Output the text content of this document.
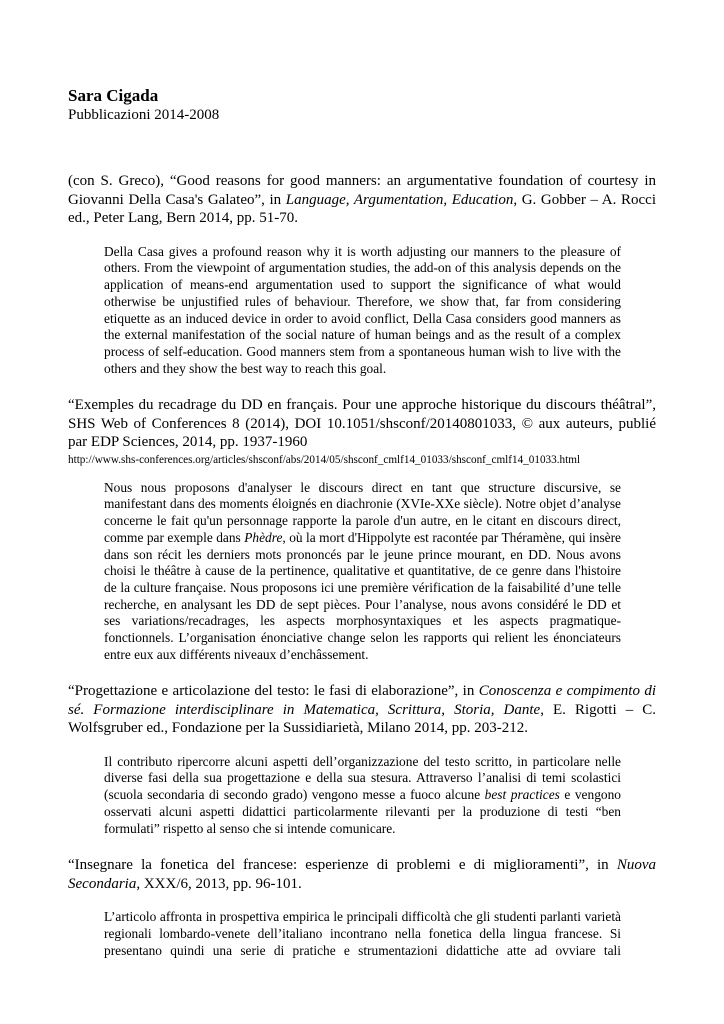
Sara Cigada
Pubblicazioni 2014-2008

(con S. Greco), “Good reasons for good manners: an argumentative foundation of courtesy in Giovanni Della Casa's Galateo”, in Language, Argumentation, Education, G. Gobber – A. Rocci ed., Peter Lang, Bern 2014, pp. 51-70.

Della Casa gives a profound reason why it is worth adjusting our manners to the pleasure of others. From the viewpoint of argumentation studies, the add-on of this analysis depends on the application of means-end argumentation used to support the significance of what would otherwise be unjustified rules of behaviour. Therefore, we show that, far from considering etiquette as an induced device in order to avoid conflict, Della Casa considers good manners as the external manifestation of the social nature of human beings and as the result of a complex process of self-education. Good manners stem from a spontaneous human wish to live with the others and they show the best way to reach this goal.

“Exemples du recadrage du DD en français. Pour une approche historique du discours théâtral”, SHS Web of Conferences 8 (2014), DOI 10.1051/shsconf/20140801033, © aux auteurs, publié par EDP Sciences, 2014, pp. 1937-1960

http://www.shs-conferences.org/articles/shsconf/abs/2014/05/shsconf_cmlf14_01033/shsconf_cmlf14_01033.html

Nous nous proposons d'analyser le discours direct en tant que structure discursive, se manifestant dans des moments éloignés en diachronie (XVIe-XXe siècle). Notre objet d’analyse concerne le fait qu'un personnage rapporte la parole d'un autre, en le citant en discours direct, comme par exemple dans Phèdre, où la mort d'Hippolyte est racontée par Théramène, qui insère dans son récit les derniers mots prononcés par le jeune prince mourant, en DD. Nous avons choisi le théâtre à cause de la pertinence, qualitative et quantitative, de ce genre dans l'histoire de la culture française. Nous proposons ici une première vérification de la faisabilité d’une telle recherche, en analysant les DD de sept pièces. Pour l’analyse, nous avons considéré le DD et ses variations/recadrages, les aspects morphosyntaxiques et les aspects pragmatique-fonctionnels. L’organisation énonciative change selon les rapports qui relient les énonciateurs entre eux aux différents niveaux d’enchâssement.

“Progettazione e articolazione del testo: le fasi di elaborazione”, in Conoscenza e compimento di sé. Formazione interdisciplinare in Matematica, Scrittura, Storia, Dante, E. Rigotti – C. Wolfsgruber ed., Fondazione per la Sussidiarietà, Milano 2014, pp. 203-212.

Il contributo ripercorre alcuni aspetti dell’organizzazione del testo scritto, in particolare nelle diverse fasi della sua progettazione e della sua stesura. Attraverso l’analisi di temi scolastici (scuola secondaria di secondo grado) vengono messe a fuoco alcune best practices e vengono osservati alcuni aspetti didattici particolarmente rilevanti per la produzione di testi “ben formulati” rispetto al senso che si intende comunicare.

“Insegnare la fonetica del francese: esperienze di problemi e di miglioramenti”, in Nuova Secondaria, XXX/6, 2013, pp. 96-101.

L’articolo affronta in prospettiva empirica le principali difficoltà che gli studenti parlanti varietà regionali lombardo-venete dell’italiano incontrano nella fonetica della lingua francese. Si presentano quindi una serie di pratiche e strumentazioni didattiche atte ad ovviare tali
